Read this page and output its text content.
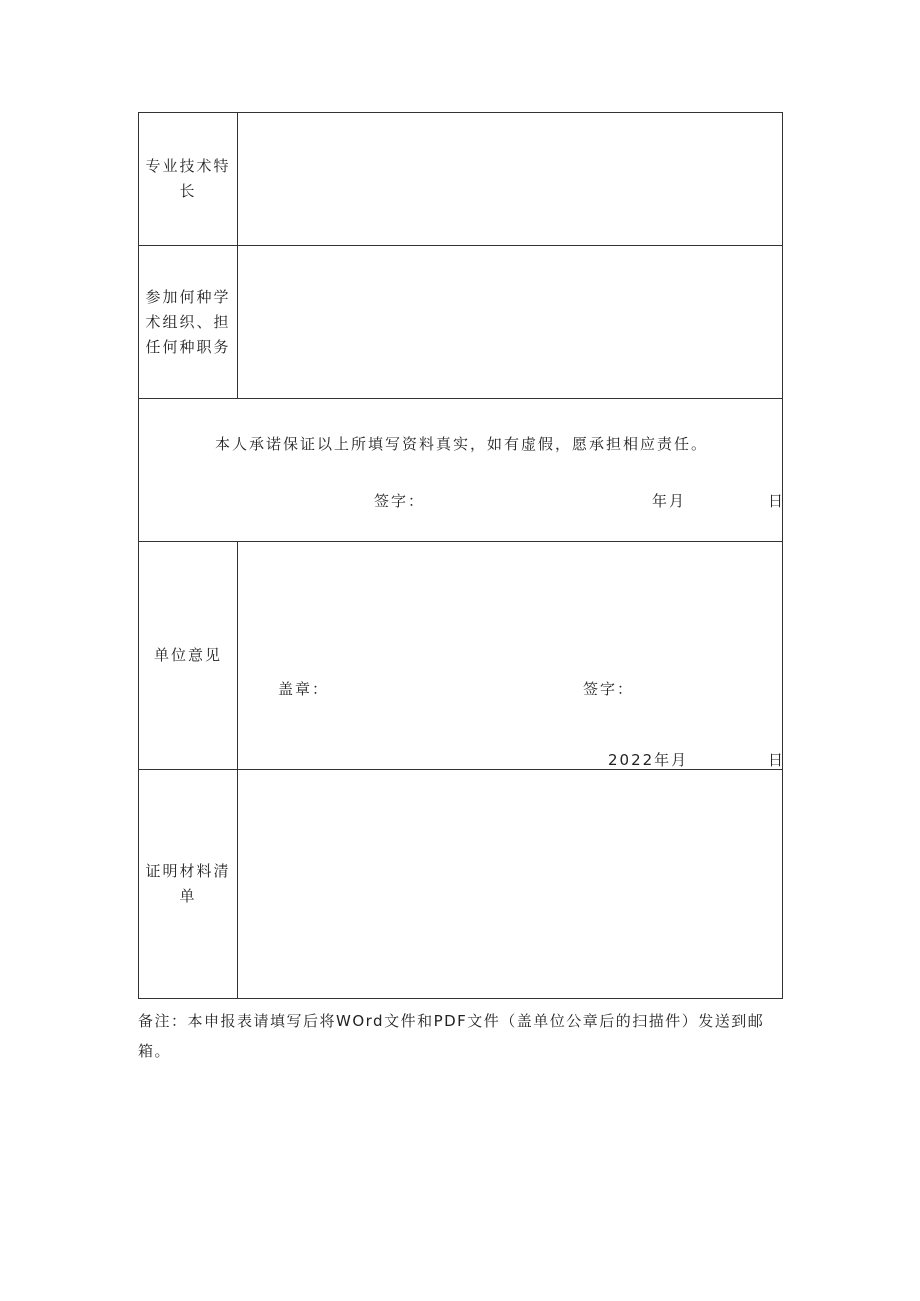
专业技术特长
参加何种学术组织、担任何种职务
本人承诺保证以上所填写资料真实，如有虚假，愿承担相应责任。
签字：	年月	日
单位意见
盖章：	签字：
2022年月	日
证明材料清单
备注：本申报表请填写后将WOrd文件和PDF文件（盖单位公章后的扫描件）发送到邮箱。
